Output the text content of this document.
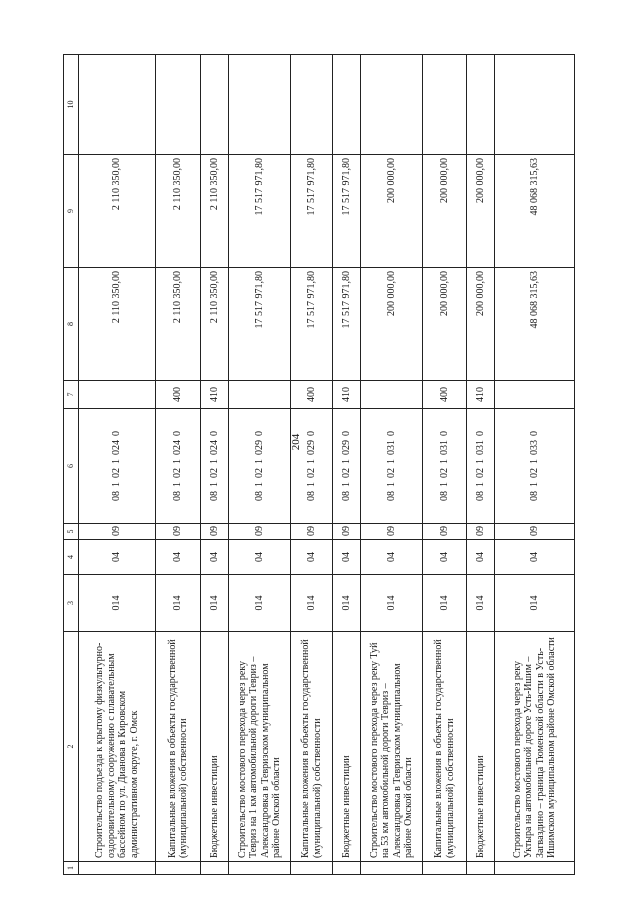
204
1	2	3	4	5	6	7	8	9	10
	Строительство подъезда к крытому физкультурно-оздоровительному сооружению с плавательным бассейном по ул. Дианова в Кировском административном округе, г. Омск	014	04	09	0810210240		2 110 350,00	2 110 350,00	
	Капитальные вложения в объекты государственной (муниципальной) собственности	014	04	09	0810210240	400	2 110 350,00	2 110 350,00	
	Бюджетные инвестиции	014	04	09	0810210240	410	2 110 350,00	2 110 350,00	
	Строительство мостового перехода через реку Тевриз на 1 км автомобильной дороги Тевриз – Александровка в Тевризском муниципальном районе Омской области	014	04	09	0810210290		17 517 971,80	17 517 971,80	
	Капитальные вложения в объекты государственной (муниципальной) собственности	014	04	09	0810210290	400	17 517 971,80	17 517 971,80	
	Бюджетные инвестиции	014	04	09	0810210290	410	17 517 971,80	17 517 971,80	
	Строительство мостового перехода через реку Туй на 53 км автомобильной дороги Тевриз – Александровка в Тевризском муниципальном районе Омской области	014	04	09	0810210310		200 000,00	200 000,00	
	Капитальные вложения в объекты государственной (муниципальной) собственности	014	04	09	0810210310	400	200 000,00	200 000,00	
	Бюджетные инвестиции	014	04	09	0810210310	410	200 000,00	200 000,00	
	Строительство мостового перехода через реку Уктыра на автомобильной дороге Усть-Ишим – Загваздино – граница Тюменской области в Усть-Ишимском муниципальном районе Омской области	014	04	09	0810210330		48 068 315,63	48 068 315,63	
